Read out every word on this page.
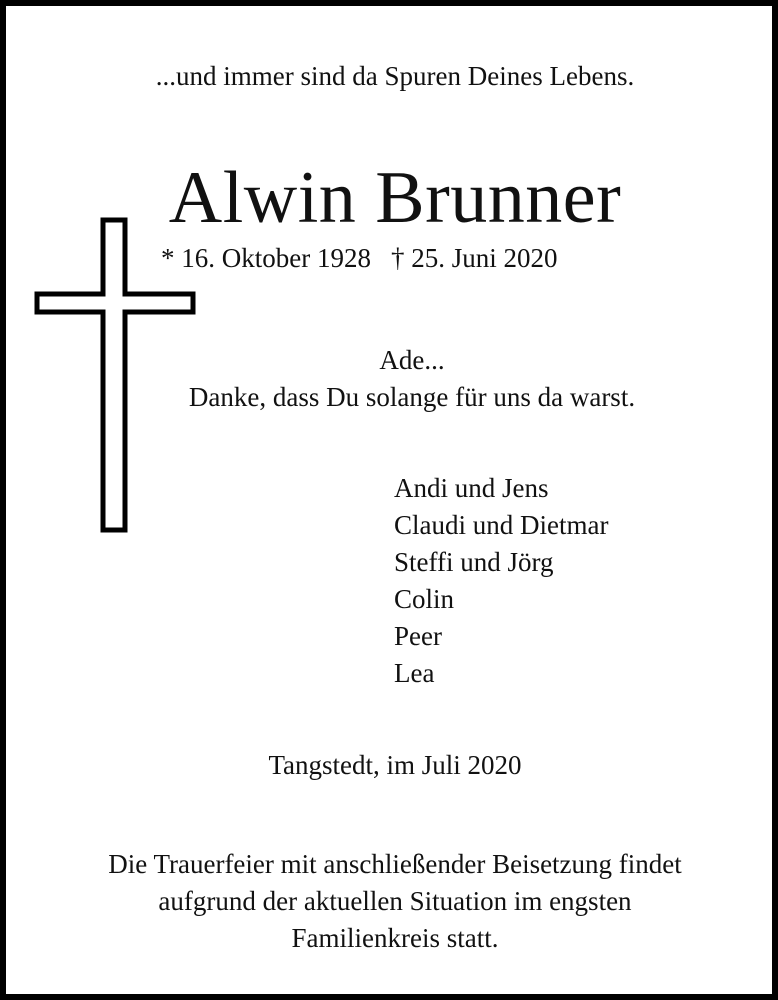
...und immer sind da Spuren Deines Lebens.
Alwin Brunner
* 16. Oktober 1928 † 25. Juni 2020
Ade...
Danke, dass Du solange für uns da warst.
Andi und Jens
Claudi und Dietmar
Steffi und Jörg
Colin
Peer
Lea
Tangstedt, im Juli 2020
Die Trauerfeier mit anschließender Beisetzung findet
aufgrund der aktuellen Situation im engsten
Familienkreis statt.
